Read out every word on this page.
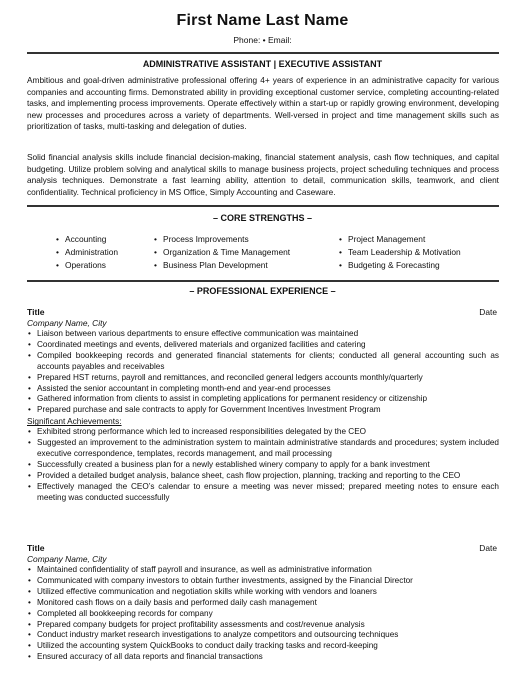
First Name Last Name
Phone: • Email:
ADMINISTRATIVE ASSISTANT | EXECUTIVE ASSISTANT

Ambitious and goal-driven administrative professional offering 4+ years of experience in an administrative capacity for various companies and accounting firms. Demonstrated ability in providing exceptional customer service, completing accounting-related tasks, and implementing process improvements. Operate effectively within a start-up or rapidly growing environment, developing new processes and procedures across a variety of departments. Well-versed in project and time management skills such as prioritization of tasks, multi-tasking and delegation of duties.

Solid financial analysis skills include financial decision-making, financial statement analysis, cash flow techniques, and capital budgeting. Utilize problem solving and analytical skills to manage business projects, project scheduling techniques and process analysis techniques. Demonstrate a fast learning ability, attention to detail, communication skills, teamwork, and client confidentiality. Technical proficiency in MS Office, Simply Accounting and Caseware.

– CORE STRENGTHS –
• Accounting
• Administration
• Operations
• Process Improvements
• Organization & Time Management
• Business Plan Development
• Project Management
• Team Leadership & Motivation
• Budgeting & Forecasting
– PROFESSIONAL EXPERIENCE –
Title	Date
Company Name, City
• Liaison between various departments to ensure effective communication was maintained
• Coordinated meetings and events, delivered materials and organized facilities and catering
• Compiled bookkeeping records and generated financial statements for clients; conducted all general accounting such as accounts payables and receivables
• Prepared HST returns, payroll and remittances, and reconciled general ledgers accounts monthly/quarterly
• Assisted the senior accountant in completing month-end and year-end processes
• Gathered information from clients to assist in completing applications for permanent residency or citizenship
• Prepared purchase and sale contracts to apply for Government Incentives Investment Program
Significant Achievements:
• Exhibited strong performance which led to increased responsibilities delegated by the CEO
• Suggested an improvement to the administration system to maintain administrative standards and procedures; system included executive correspondence, templates, records management, and mail processing
• Successfully created a business plan for a newly established winery company to apply for a bank investment
• Provided a detailed budget analysis, balance sheet, cash flow projection, planning, tracking and reporting to the CEO
• Effectively managed the CEO’s calendar to ensure a meeting was never missed; prepared meeting notes to ensure each meeting was conducted successfully
Title	Date
Company Name, City
• Maintained confidentiality of staff payroll and insurance, as well as administrative information
• Communicated with company investors to obtain further investments, assigned by the Financial Director
• Utilized effective communication and negotiation skills while working with vendors and loaners
• Monitored cash flows on a daily basis and performed daily cash management
• Completed all bookkeeping records for company
• Prepared company budgets for project profitability assessments and cost/revenue analysis
• Conduct industry market research investigations to analyze competitors and outsourcing techniques
• Utilized the accounting system QuickBooks to conduct daily tracking tasks and record-keeping
• Ensured accuracy of all data reports and financial transactions
